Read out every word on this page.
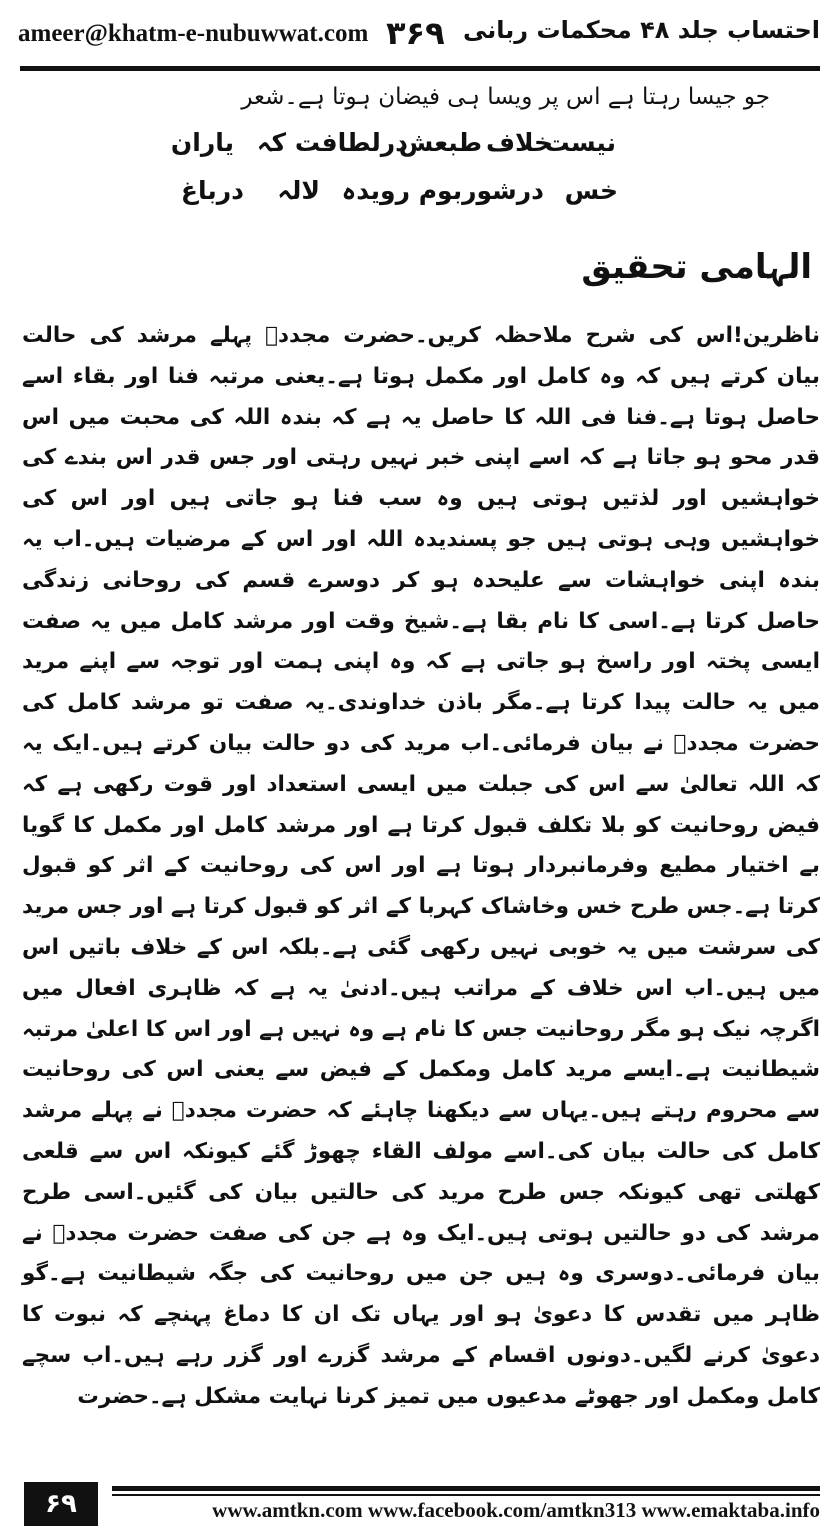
ameer@khatm-e-nubuwwat.com ۳۶۹ احتساب جلد ۴۸ محکمات ربانی
جو جیسا رہتا ہے اس پر ویسا ہی فیضان ہوتا ہے۔شعر
یاران کہ درلطافت
طبعش خلاف
نیست
درباغ لالہ رویدہ درشوربوم خس
الہامی تحقیق
ناظرین!اس کی شرح ملاحظہ کریں۔حضرت مجددؒ پہلے مرشد کی حالت بیان کرتے ہیں کہ وہ کامل اور مکمل ہوتا ہے۔یعنی مرتبہ فنا اور بقاء اسے حاصل ہوتا ہے۔فنا فی اللہ کا حاصل یہ ہے کہ بندہ اللہ کی محبت میں اس قدر محو ہو جاتا ہے کہ اسے اپنی خبر نہیں رہتی اور جس قدر اس بندے کی خواہشیں اور لذتیں ہوتی ہیں وہ سب فنا ہو جاتی ہیں اور اس کی خواہشیں وہی ہوتی ہیں جو پسندیدہ اللہ اور اس کے مرضیات ہیں۔اب یہ بندہ اپنی خواہشات سے علیحدہ ہو کر دوسرے قسم کی روحانی زندگی حاصل کرتا ہے۔اسی کا نام بقا ہے۔شیخ وقت اور مرشد کامل میں یہ صفت ایسی پختہ اور راسخ ہو جاتی ہے کہ وہ اپنی ہمت اور توجہ سے اپنے مرید میں یہ حالت پیدا کرتا ہے۔مگر باذن خداوندی۔یہ صفت تو مرشد کامل کی حضرت مجددؒ نے بیان فرمائی۔اب مرید کی دو حالت بیان کرتے ہیں۔ایک یہ کہ اللہ تعالیٰ سے اس کی جبلت میں ایسی استعداد اور قوت رکھی ہے کہ فیض روحانیت کو بلا تکلف قبول کرتا ہے اور مرشد کامل اور مکمل کا گویا بے اختیار مطیع وفرمانبردار ہوتا ہے اور اس کی روحانیت کے اثر کو قبول کرتا ہے۔جس طرح خس وخاشاک کہربا کے اثر کو قبول کرتا ہے اور جس مرید کی سرشت میں یہ خوبی نہیں رکھی گئی ہے۔بلکہ اس کے خلاف باتیں اس میں ہیں۔اب اس خلاف کے مراتب ہیں۔ادنیٰ یہ ہے کہ ظاہری افعال میں اگرچہ نیک ہو مگر روحانیت جس کا نام ہے وہ نہیں ہے اور اس کا اعلیٰ مرتبہ شیطانیت ہے۔ایسے مرید کامل ومکمل کے فیض سے یعنی اس کی روحانیت سے محروم رہتے ہیں۔یہاں سے دیکھنا چاہئے کہ حضرت مجددؒ نے پہلے مرشد کامل کی حالت بیان کی۔اسے مولف القاء چھوڑ گئے کیونکہ اس سے قلعی کھلتی تھی کیونکہ جس طرح مرید کی حالتیں بیان کی گئیں۔اسی طرح مرشد کی دو حالتیں ہوتی ہیں۔ایک وہ ہے جن کی صفت حضرت مجددؒ نے بیان فرمائی۔دوسری وہ ہیں جن میں روحانیت کی جگہ شیطانیت ہے۔گو ظاہر میں تقدس کا دعویٰ ہو اور یہاں تک ان کا دماغ پہنچے کہ نبوت کا دعویٰ کرنے لگیں۔دونوں اقسام کے مرشد گزرے اور گزر رہے ہیں۔اب سچے کامل ومکمل اور جھوٹے مدعیوں میں تمیز کرنا نہایت مشکل ہے۔حضرت
۶۹	www.amtkn.com www.facebook.com/amtkn313 www.emaktaba.info
